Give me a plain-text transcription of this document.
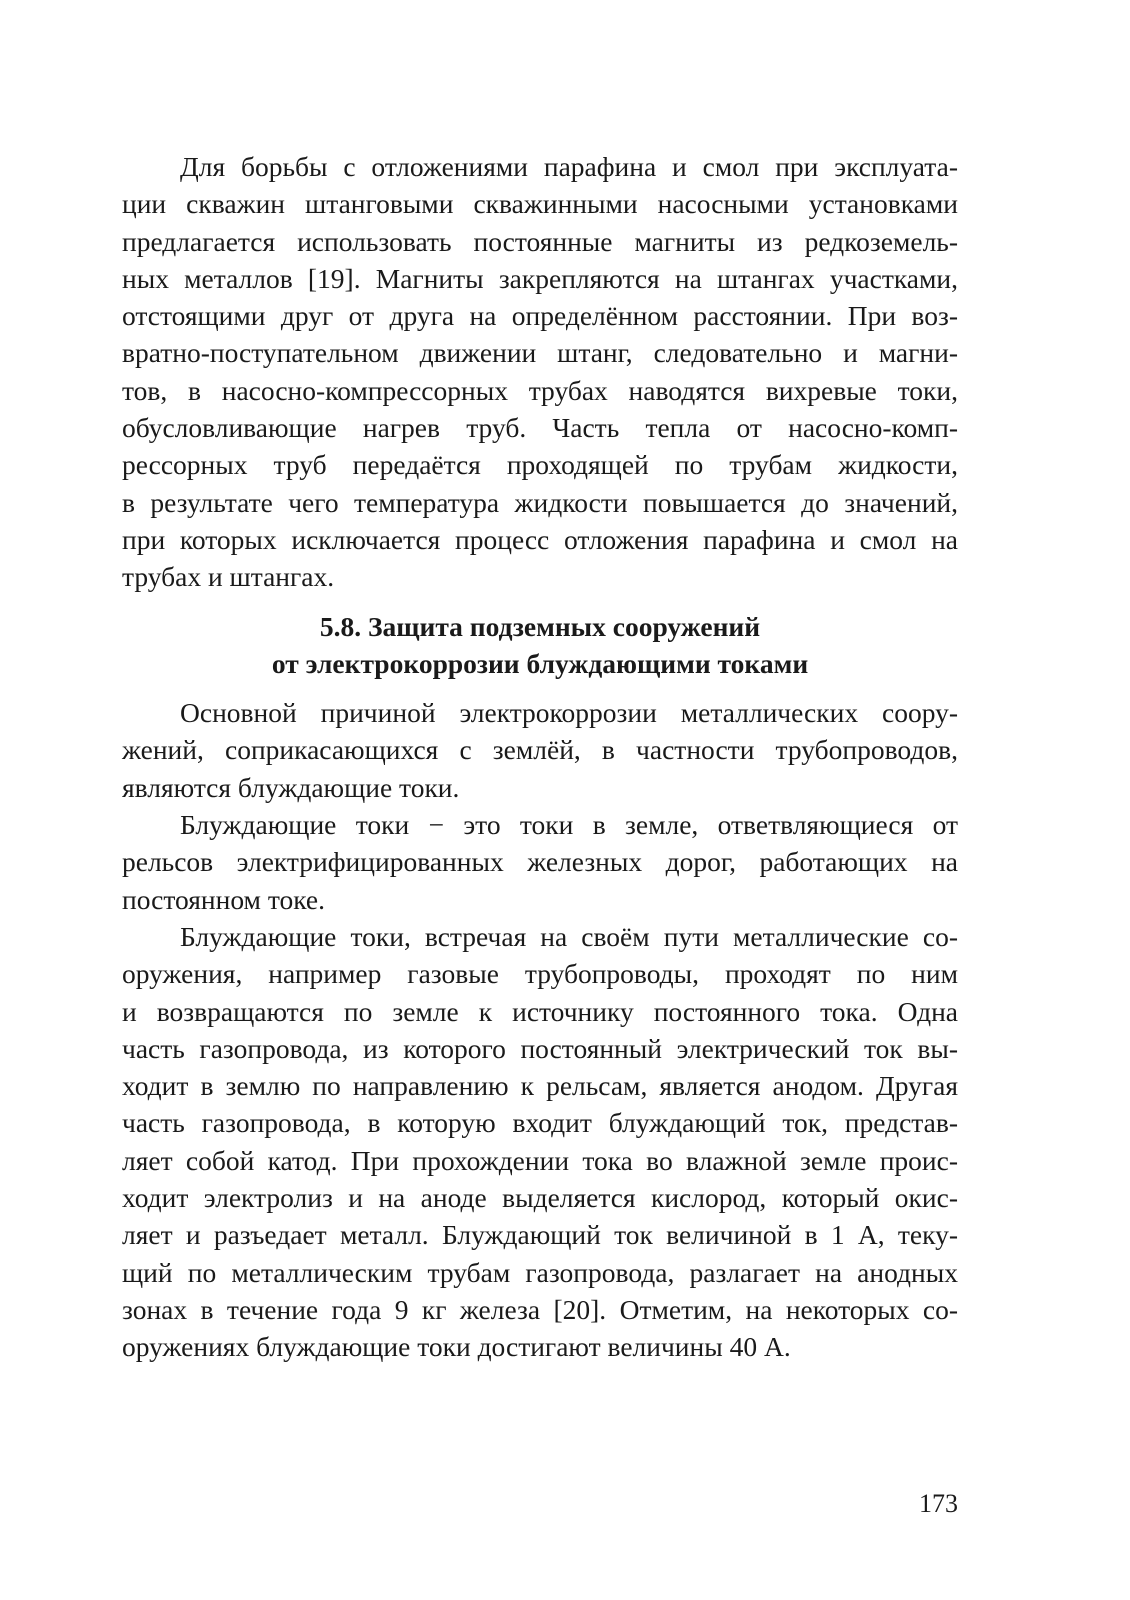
Для борьбы с отложениями парафина и смол при эксплуата-
ции скважин штанговыми скважинными насосными установками
предлагается использовать постоянные магниты из редкоземель-
ных металлов [19]. Магниты закрепляются на штангах участками,
отстоящими друг от друга на определённом расстоянии. При воз-
вратно-поступательном движении штанг, следовательно и магни-
тов, в насосно-компрессорных трубах наводятся вихревые токи,
обусловливающие нагрев труб. Часть тепла от насосно-комп-
рессорных труб передаётся проходящей по трубам жидкости,
в результате чего температура жидкости повышается до значений,
при которых исключается процесс отложения парафина и смол на
трубах и штангах.
5.8. Защита подземных сооружений
от электрокоррозии блуждающими токами
Основной причиной электрокоррозии металлических соору-
жений, соприкасающихся с землёй, в частности трубопроводов,
являются блуждающие токи.
Блуждающие токи − это токи в земле, ответвляющиеся от
рельсов электрифицированных железных дорог, работающих на
постоянном токе.
Блуждающие токи, встречая на своём пути металлические со-
оружения, например газовые трубопроводы, проходят по ним
и возвращаются по земле к источнику постоянного тока. Одна
часть газопровода, из которого постоянный электрический ток вы-
ходит в землю по направлению к рельсам, является анодом. Другая
часть газопровода, в которую входит блуждающий ток, представ-
ляет собой катод. При прохождении тока во влажной земле проис-
ходит электролиз и на аноде выделяется кислород, который окис-
ляет и разъедает металл. Блуждающий ток величиной в 1 А, теку-
щий по металлическим трубам газопровода, разлагает на анодных
зонах в течение года 9 кг железа [20]. Отметим, на некоторых со-
оружениях блуждающие токи достигают величины 40 А.
173
